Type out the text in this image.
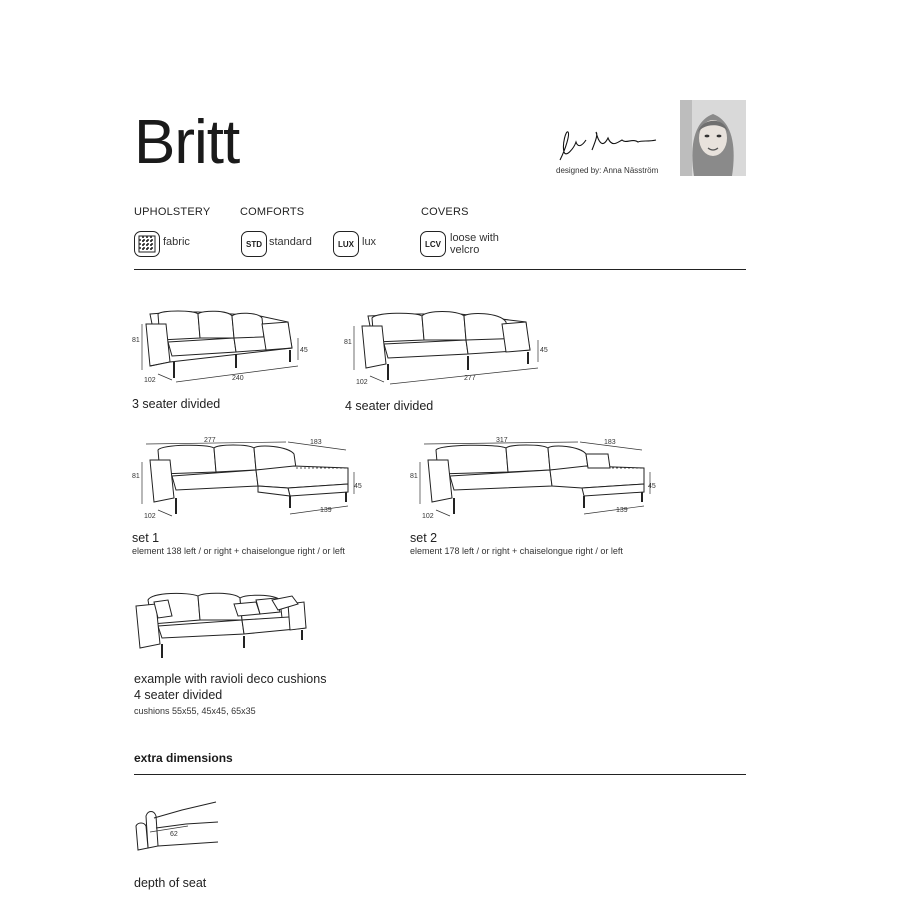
Britt	designed by: Anna Näsström
UPHOLSTERY	COMFORTS	COVERS
fabric	STD standard	LUX lux	LCV loose with
velcro
81
102	240
45
3 seater divided
81
102
277
45
4 seater divided
277	183
81
102
45
139
set 1
element 138 left / or right + chaiselongue right / or left
317	183
81
102
45
139
set 2
element 178 left / or right + chaiselongue right / or left
example with ravioli deco cushions
4 seater divided
cushions 55x55, 45x45, 65x35
extra dimensions
62
depth of seat
